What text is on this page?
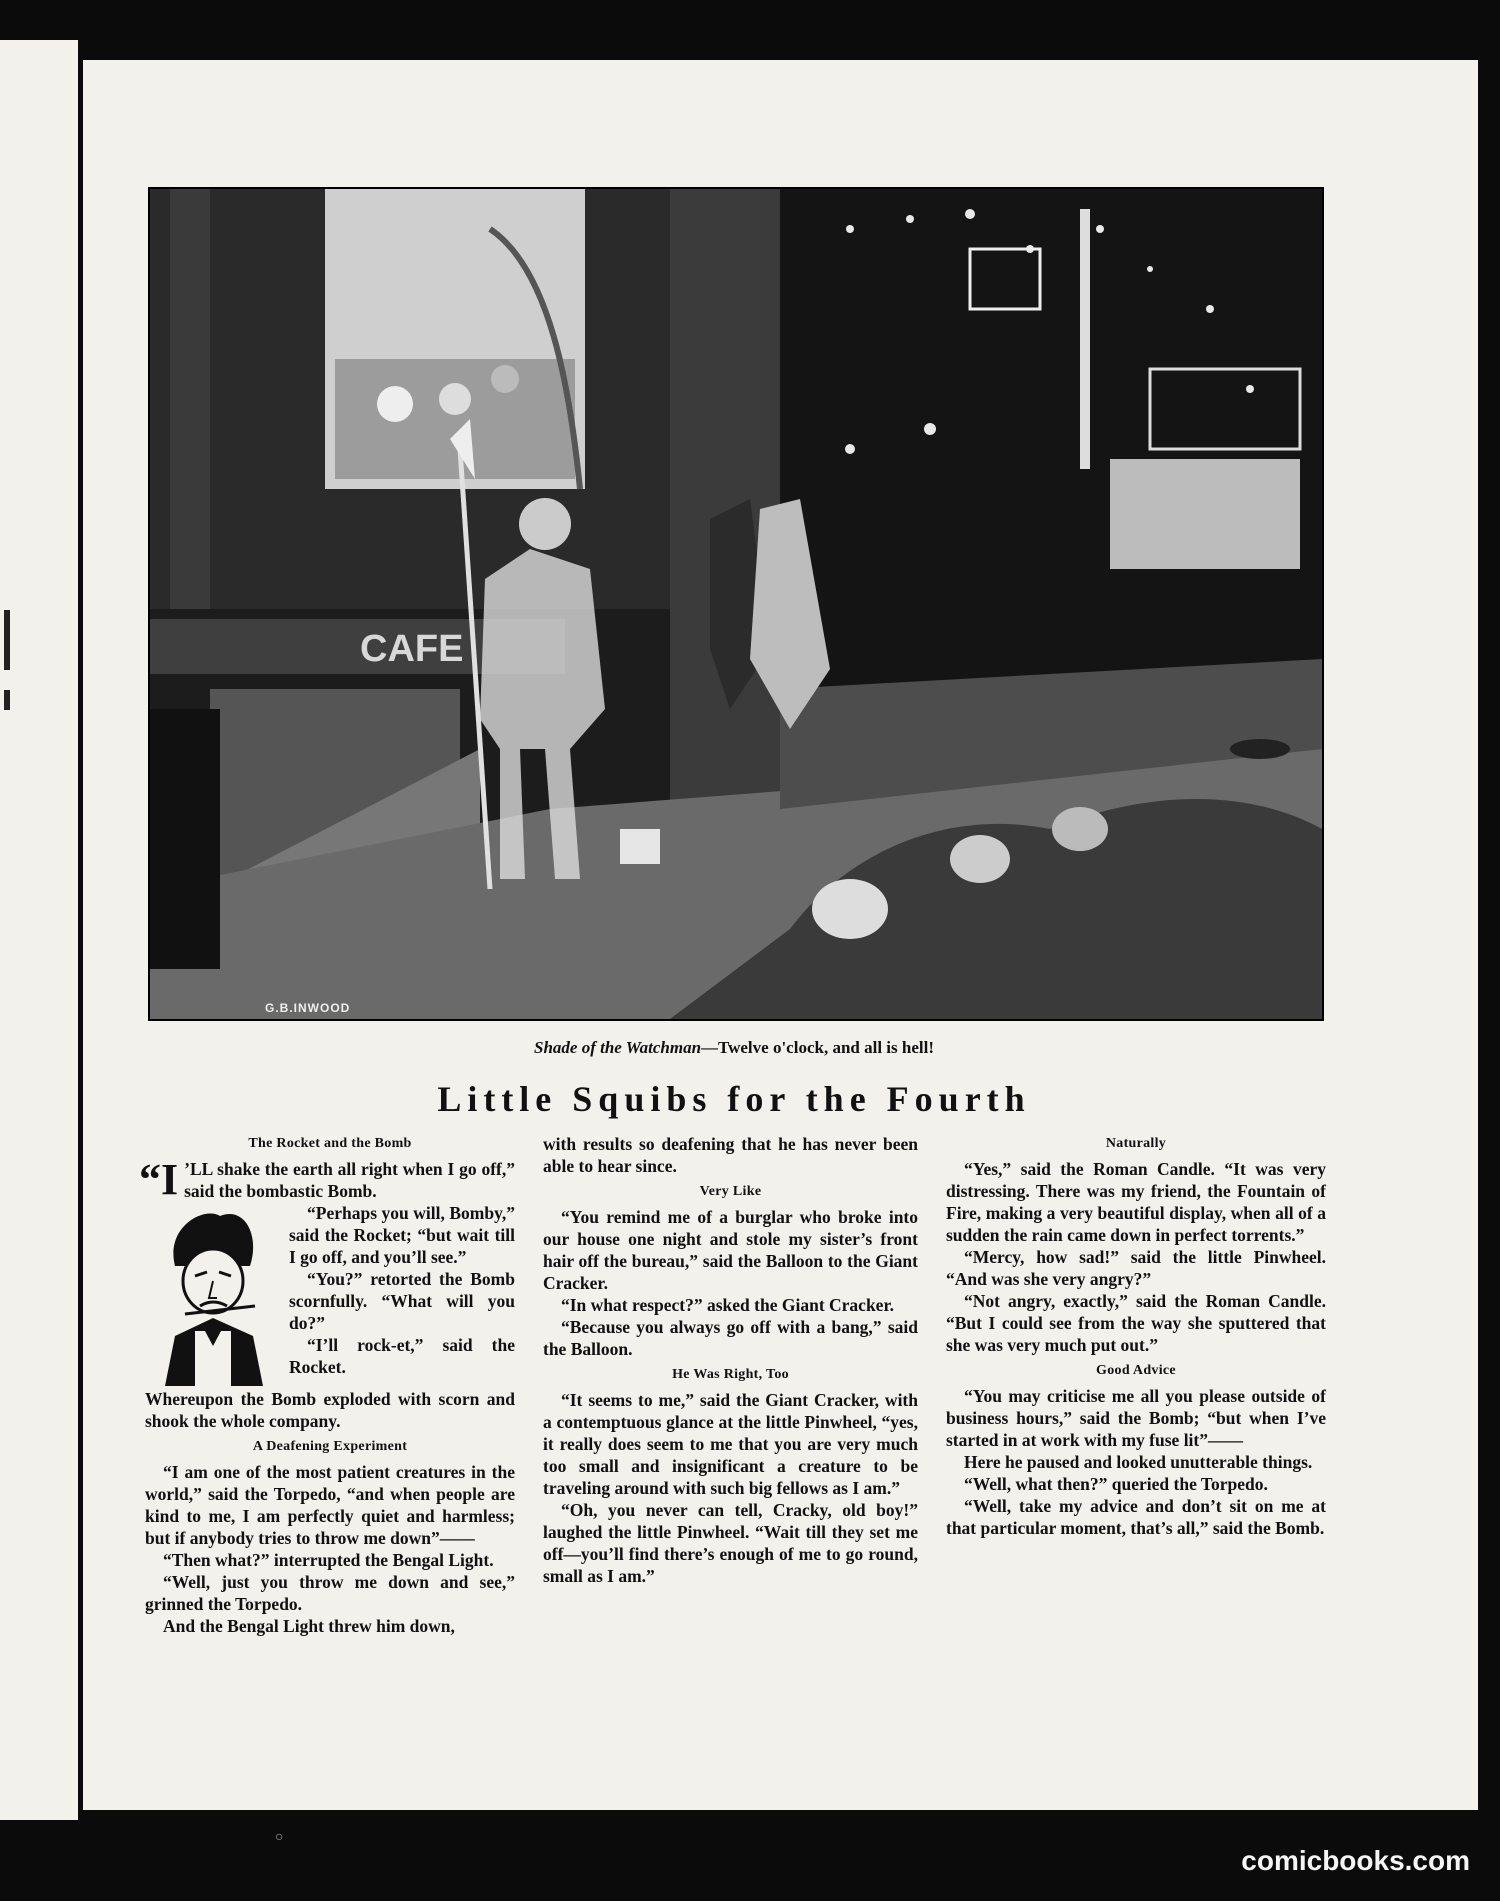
CAFE
G.B.INWOOD
Shade of the Watchman—Twelve o'clock, and all is hell!
Little Squibs for the Fourth
The Rocket and the Bomb

“I ’LL shake the earth all right when I go off,” said the bombastic Bomb.

“Perhaps you will, Bomby,” said the Rocket; “but wait till I go off, and you’ll see.”

“You?” retorted the Bomb scornfully. “What will you do?”

“I’ll rock-et,” said the Rocket.

Whereupon the Bomb exploded with scorn and shook the whole company.

A Deafening Experiment

“I am one of the most patient creatures in the world,” said the Torpedo, “and when people are kind to me, I am perfectly quiet and harmless; but if anybody tries to throw me down”——

“Then what?” interrupted the Bengal Light.

“Well, just you throw me down and see,” grinned the Torpedo.

And the Bengal Light threw him down,

with results so deafening that he has never been able to hear since.

Very Like

“You remind me of a burglar who broke into our house one night and stole my sister’s front hair off the bureau,” said the Balloon to the Giant Cracker.

“In what respect?” asked the Giant Cracker.

“Because you always go off with a bang,” said the Balloon.

He Was Right, Too

“It seems to me,” said the Giant Cracker, with a contemptuous glance at the little Pinwheel, “yes, it really does seem to me that you are very much too small and insignificant a creature to be traveling around with such big fellows as I am.”

“Oh, you never can tell, Cracky, old boy!” laughed the little Pinwheel. “Wait till they set me off—you’ll find there’s enough of me to go round, small as I am.”

Naturally

“Yes,” said the Roman Candle. “It was very distressing. There was my friend, the Fountain of Fire, making a very beautiful display, when all of a sudden the rain came down in perfect torrents.”

“Mercy, how sad!” said the little Pinwheel. “And was she very angry?”

“Not angry, exactly,” said the Roman Candle. “But I could see from the way she sputtered that she was very much put out.”

Good Advice

“You may criticise me all you please outside of business hours,” said the Bomb; “but when I’ve started in at work with my fuse lit”——

Here he paused and looked unutterable things.

“Well, what then?” queried the Torpedo.

“Well, take my advice and don’t sit on me at that particular moment, that’s all,” said the Bomb.

○
comicbooks.com
